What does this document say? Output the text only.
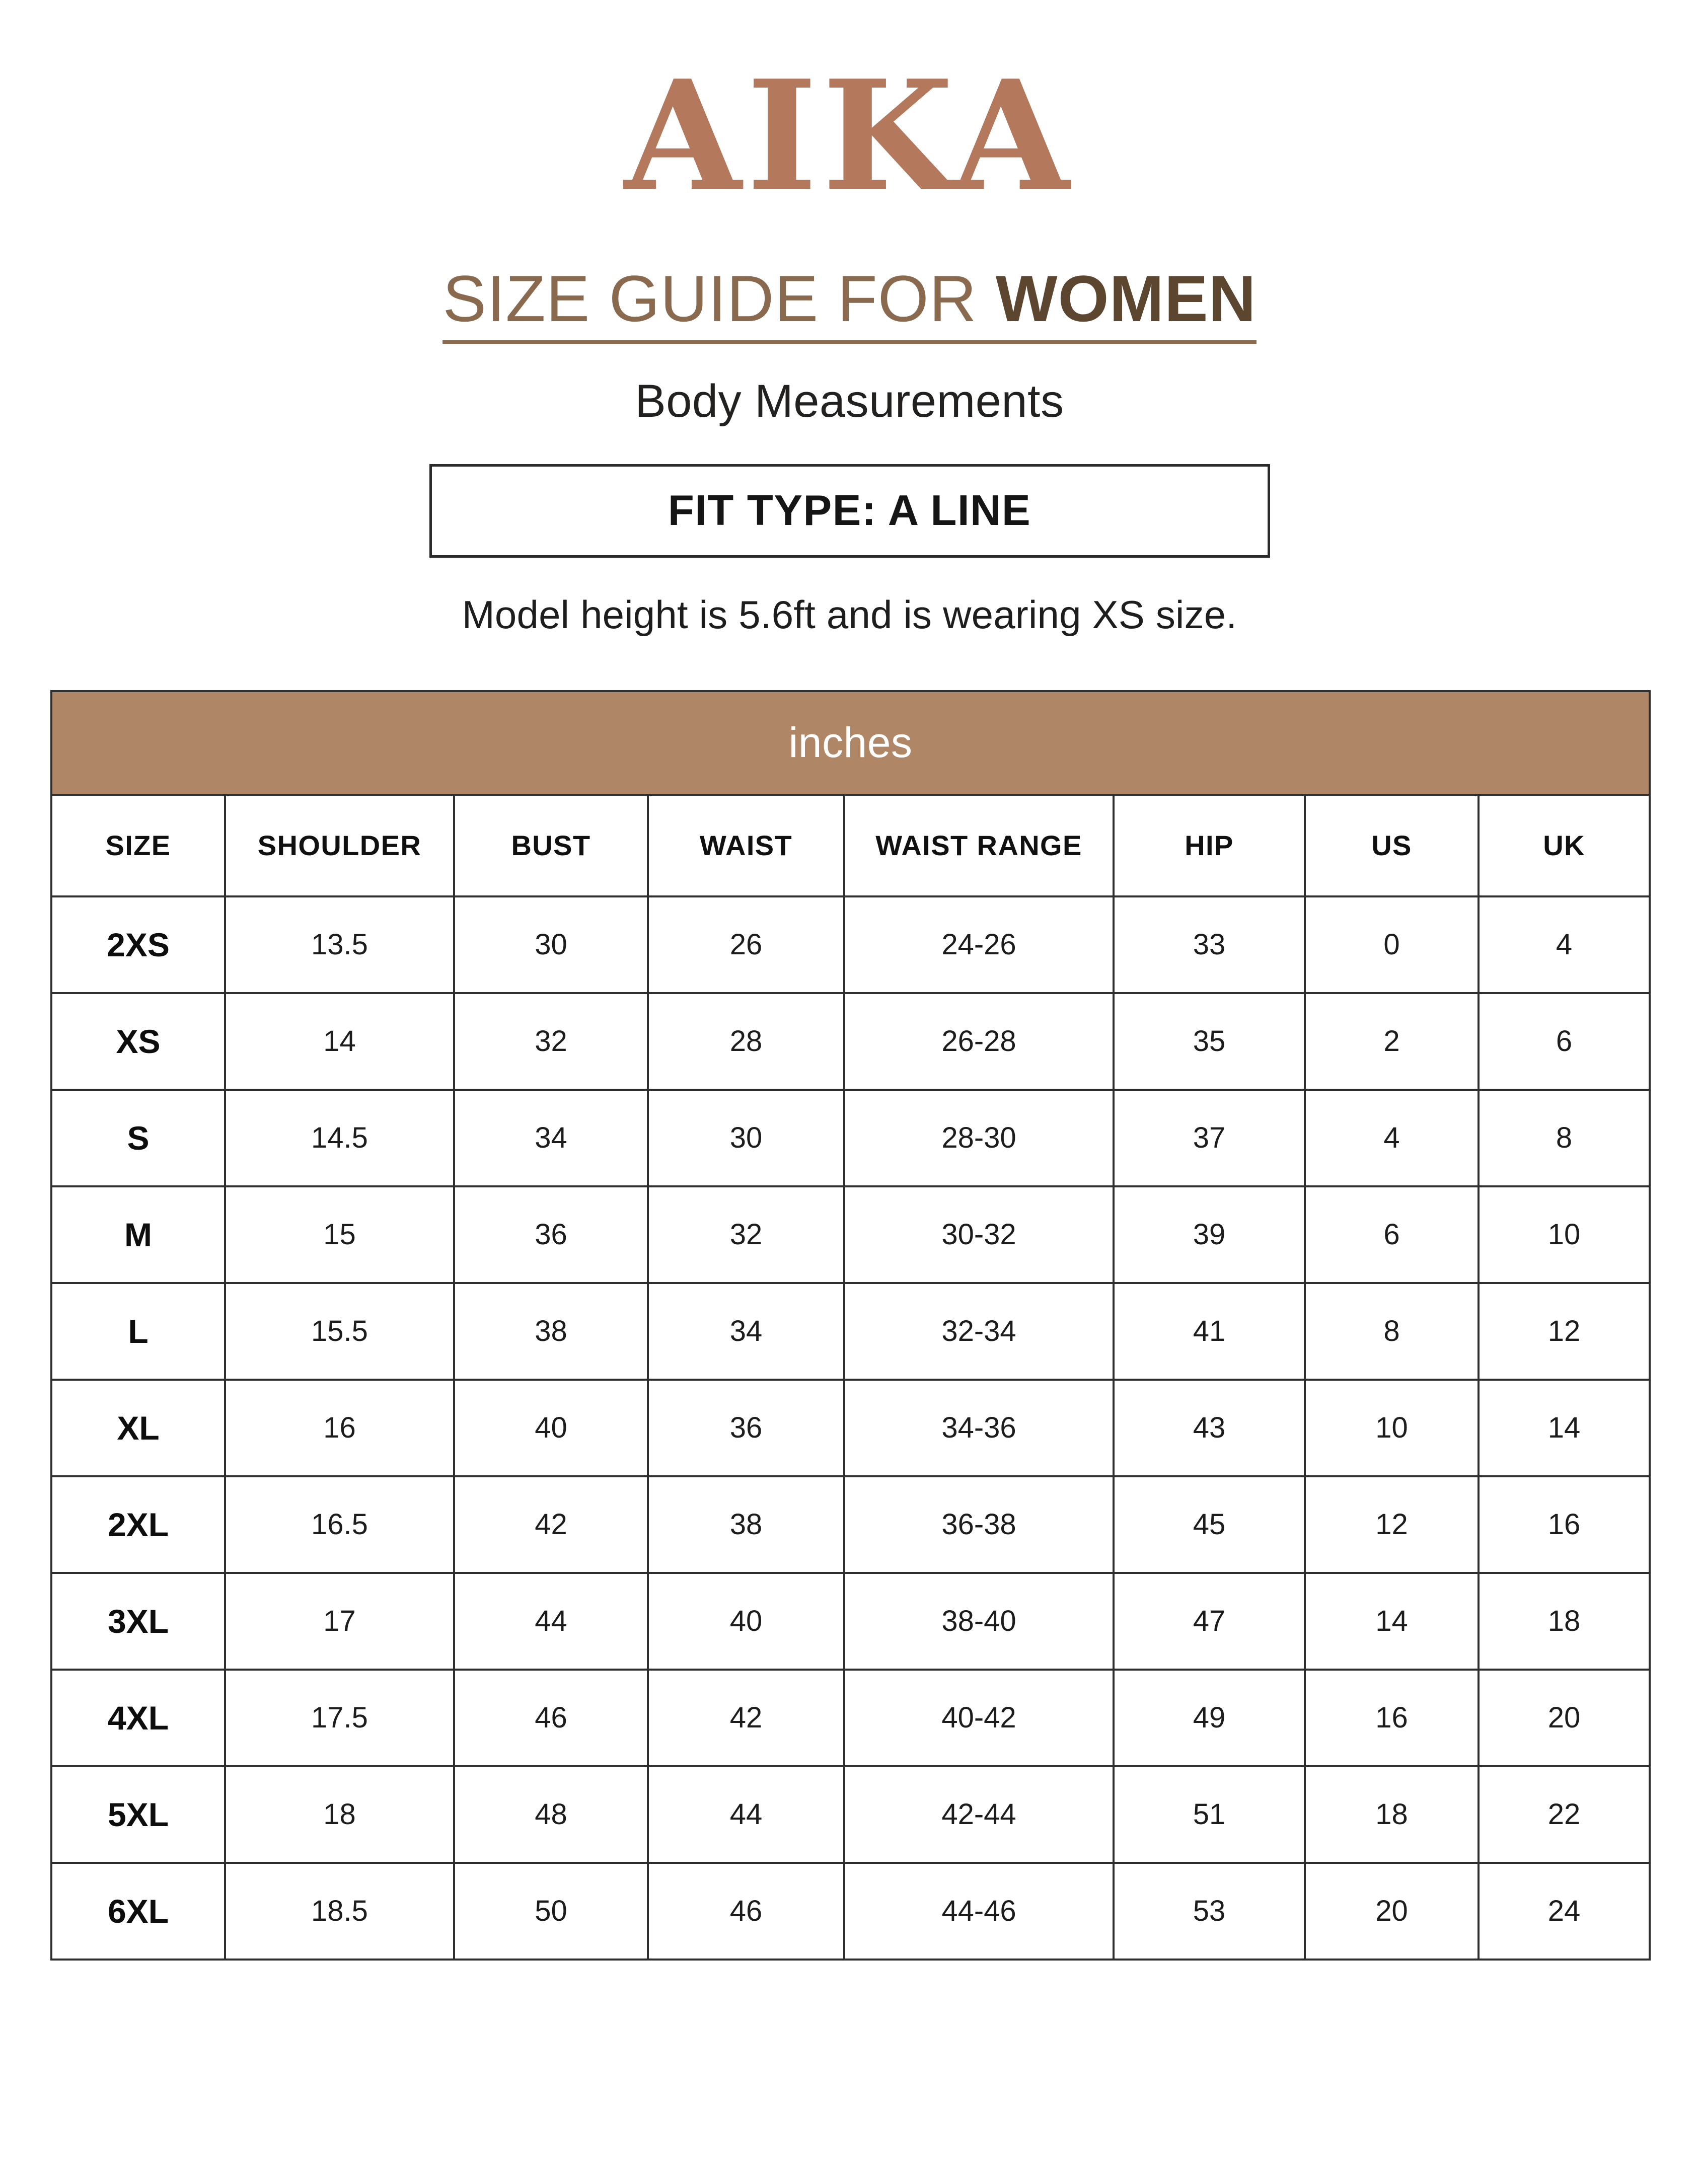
AIKA
SIZE GUIDE FOR WOMEN
Body Measurements
FIT TYPE: A LINE
Model height is 5.6ft and is wearing XS size.
inches							
SIZE	SHOULDER	BUST	WAIST	WAIST RANGE	HIP	US	UK
2XS	13.5	30	26	24-26	33	0	4
XS	14	32	28	26-28	35	2	6
S	14.5	34	30	28-30	37	4	8
M	15	36	32	30-32	39	6	10
L	15.5	38	34	32-34	41	8	12
XL	16	40	36	34-36	43	10	14
2XL	16.5	42	38	36-38	45	12	16
3XL	17	44	40	38-40	47	14	18
4XL	17.5	46	42	40-42	49	16	20
5XL	18	48	44	42-44	51	18	22
6XL	18.5	50	46	44-46	53	20	24
